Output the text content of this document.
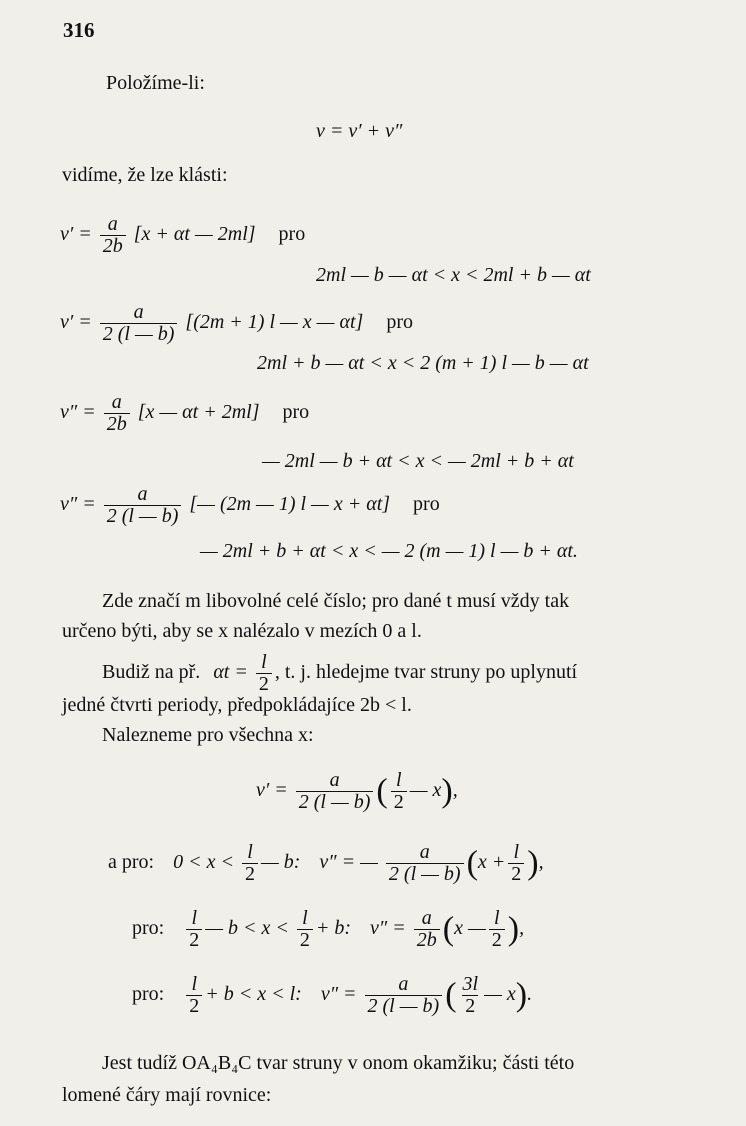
316
Položíme-li:
v = v′ + v″
vidíme, že lze klásti:
$v' = \frac{a}{2b} [x + \alpha t$ — 2ml] pro
2ml — b — αt < x < 2ml + b — αt
$v' = \frac{a}{2 (l — b)} [(2m + 1)$ l — x — αt] pro
2ml + b — αt < x < 2 (m + 1) l — b — αt
$v'' = \frac{a}{2b} [x$ — αt + 2ml] pro
— 2ml — b + αt < x < — 2ml + b + αt
$v'' = \frac{a}{2 (l — b)}$ [— (2m — 1) l — x + αt] pro
— 2ml + b + αt < x < — 2 (m — 1) l — b + αt.
Zde značí m libovolné celé číslo; pro dané t musí vždy tak
určeno býti, aby se x nalézalo v mezích 0 a l.
Budiž na př. $\alpha t = \frac{l}{2}$ , t. j. hledejme tvar struny po uplynutí
jedné čtvrti periody, předpokládajíce 2b < l.
Nalezneme pro všechna x:
$v' = \frac{a}{2 (l — b)}$ ( $\frac{l}{2}$ — x),
a pro: $0 < x < \frac{l}{2}$ — b: v″ = — $\frac{a}{2 (l — b)} (x + \frac{l}{2}$ ),
pro: $\frac{l}{2}$ — $b < x < \frac{l}{2} + b$: $v'' = \frac{a}{2b} (x$ — $\frac{l}{2}$ ),
pro: $\frac{l}{2} + b < x < l$: $v'' = \frac{a}{2 (l — b)}$ ( $\frac{3l}{2}$ — x).
Jest tudíž OA₄B₄C tvar struny v onom okamžiku; části této
lomené čáry mají rovnice:
